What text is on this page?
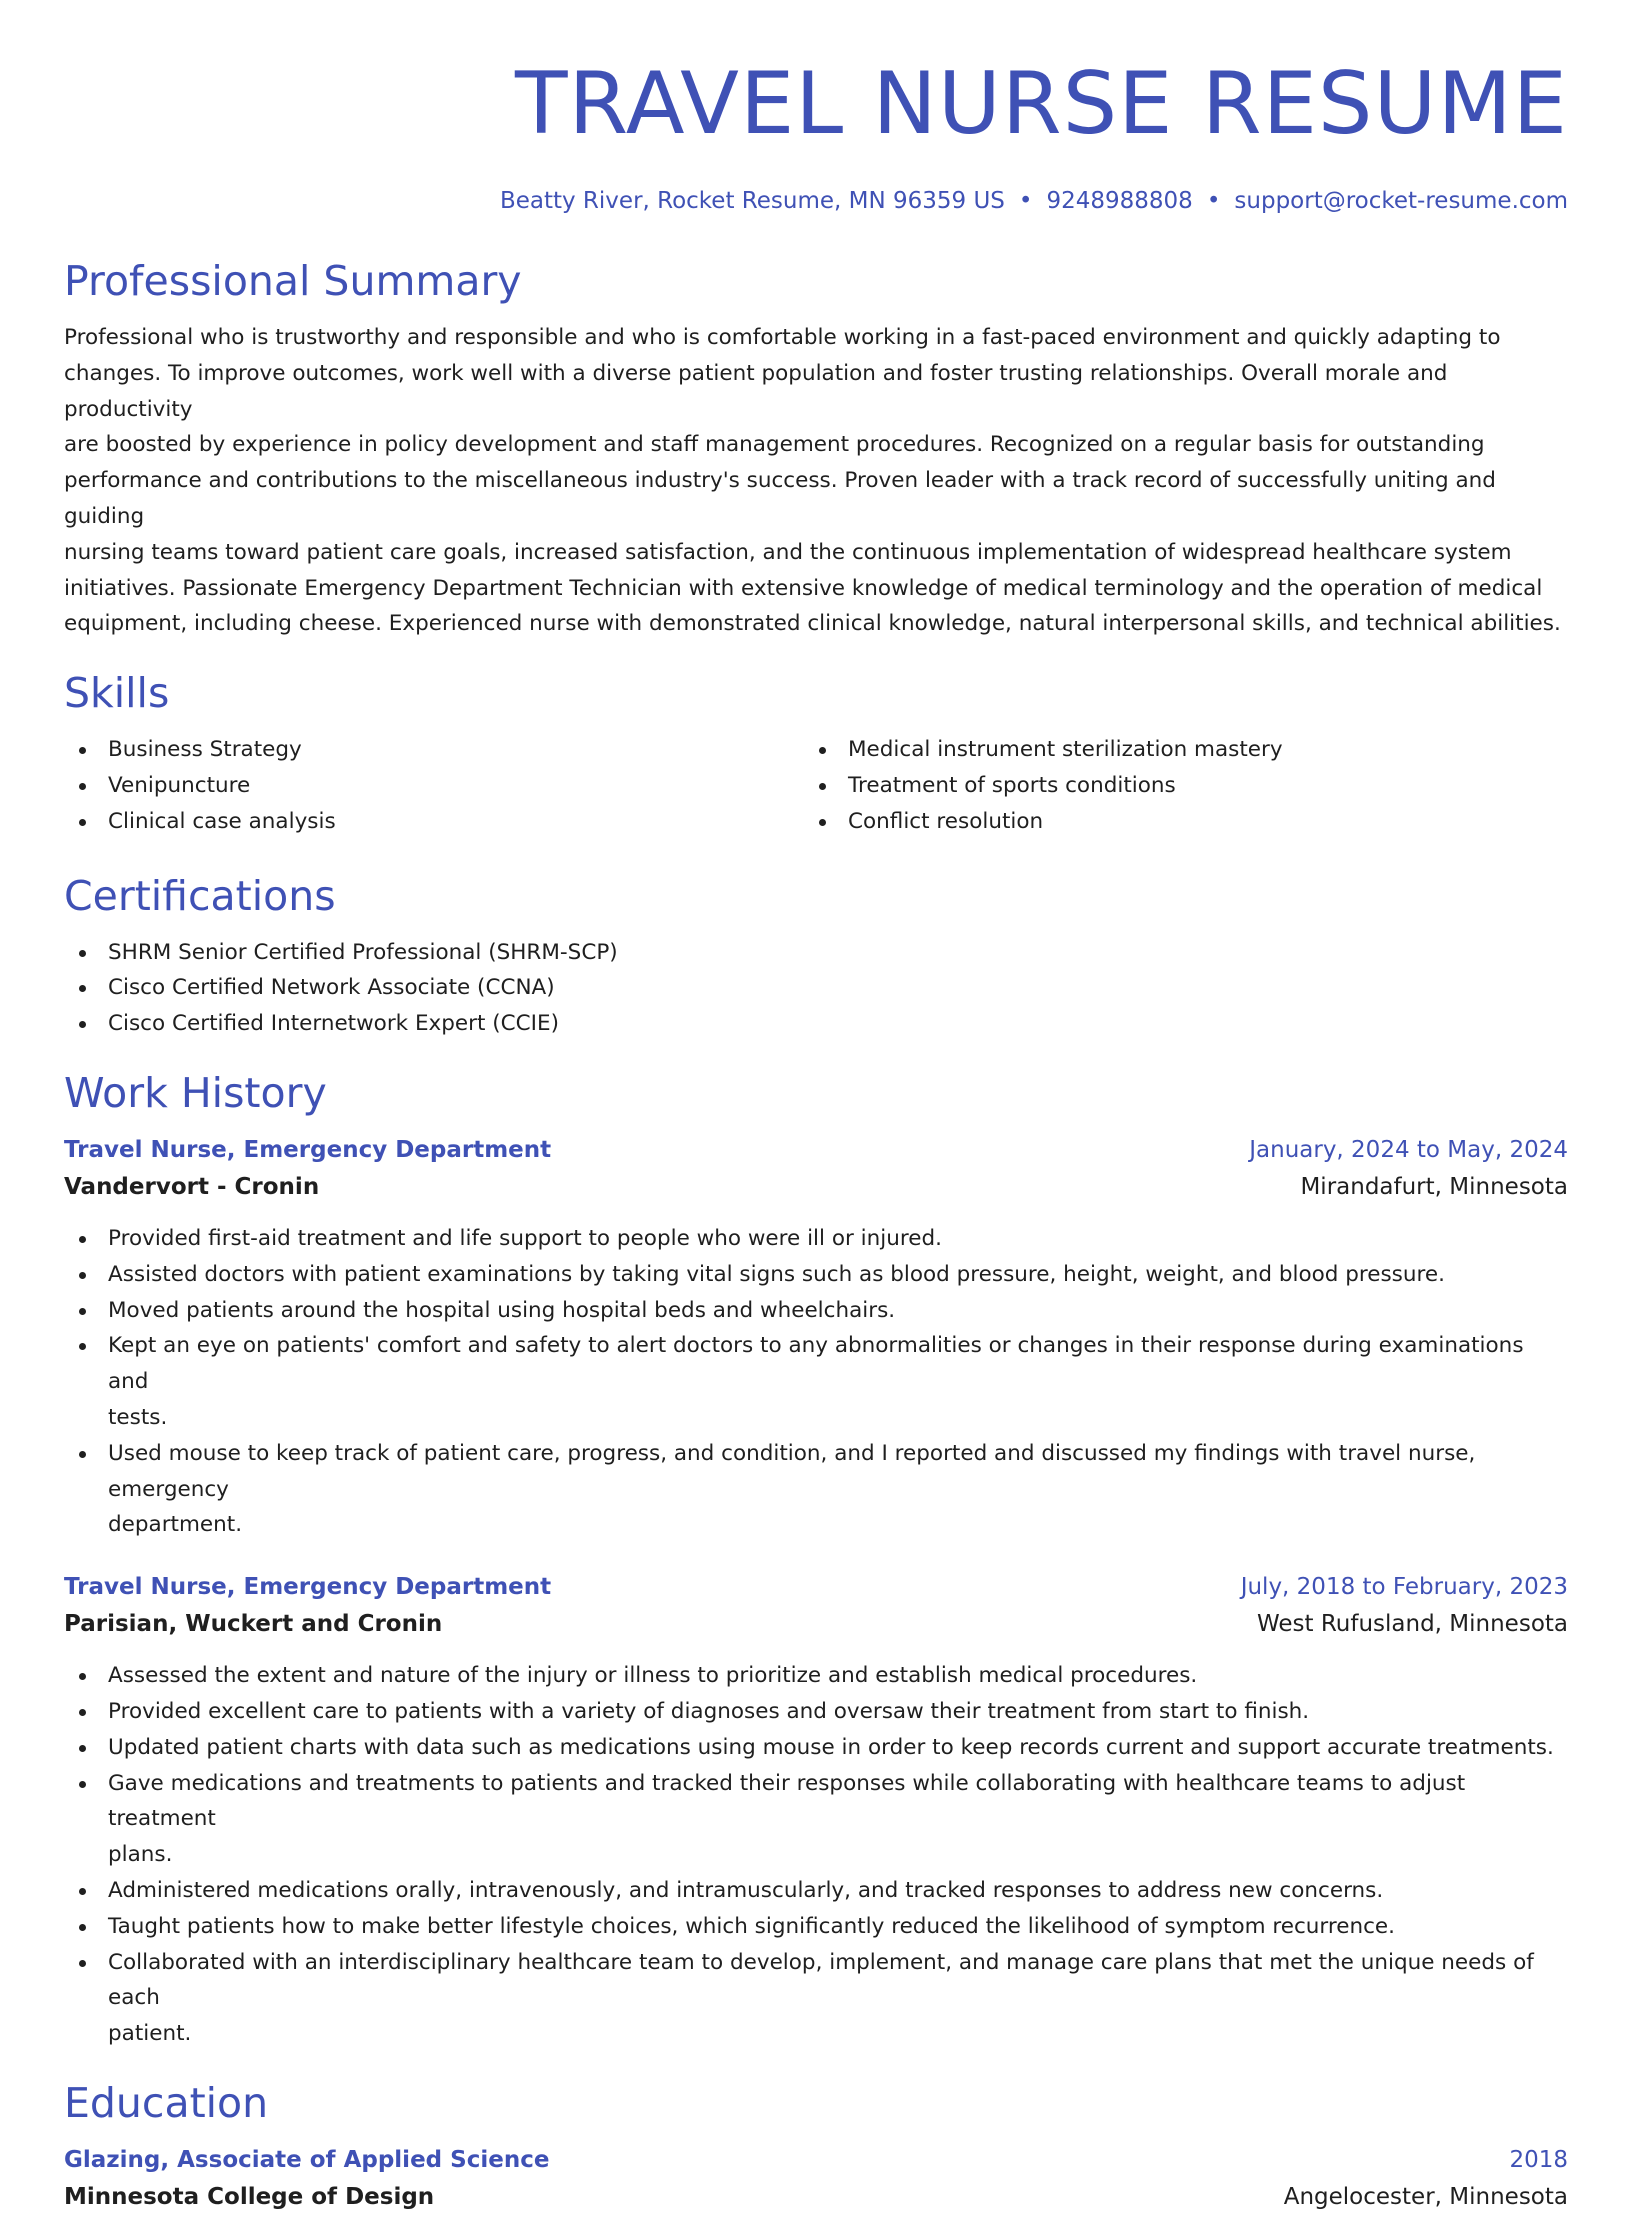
TRAVEL NURSE RESUME
Beatty River, Rocket Resume, MN 96359 US • 9248988808 • support@rocket-resume.com
Professional Summary
Professional who is trustworthy and responsible and who is comfortable working in a fast-paced environment and quickly adapting to
changes. To improve outcomes, work well with a diverse patient population and foster trusting relationships. Overall morale and productivity
are boosted by experience in policy development and staff management procedures. Recognized on a regular basis for outstanding
performance and contributions to the miscellaneous industry's success. Proven leader with a track record of successfully uniting and guiding
nursing teams toward patient care goals, increased satisfaction, and the continuous implementation of widespread healthcare system
initiatives. Passionate Emergency Department Technician with extensive knowledge of medical terminology and the operation of medical
equipment, including cheese. Experienced nurse with demonstrated clinical knowledge, natural interpersonal skills, and technical abilities.
Skills
Business Strategy
Venipuncture
Clinical case analysis
Medical instrument sterilization mastery
Treatment of sports conditions
Conflict resolution
Certifications
SHRM Senior Certified Professional (SHRM-SCP)
Cisco Certified Network Associate (CCNA)
Cisco Certified Internetwork Expert (CCIE)
Work History
Travel Nurse, Emergency Department	January, 2024 to May, 2024
Vandervort - Cronin	Mirandafurt, Minnesota
Provided first-aid treatment and life support to people who were ill or injured.
Assisted doctors with patient examinations by taking vital signs such as blood pressure, height, weight, and blood pressure.
Moved patients around the hospital using hospital beds and wheelchairs.
Kept an eye on patients' comfort and safety to alert doctors to any abnormalities or changes in their response during examinations and
tests.
Used mouse to keep track of patient care, progress, and condition, and I reported and discussed my findings with travel nurse, emergency
department.
Travel Nurse, Emergency Department	July, 2018 to February, 2023
Parisian, Wuckert and Cronin	West Rufusland, Minnesota
Assessed the extent and nature of the injury or illness to prioritize and establish medical procedures.
Provided excellent care to patients with a variety of diagnoses and oversaw their treatment from start to finish.
Updated patient charts with data such as medications using mouse in order to keep records current and support accurate treatments.
Gave medications and treatments to patients and tracked their responses while collaborating with healthcare teams to adjust treatment
plans.
Administered medications orally, intravenously, and intramuscularly, and tracked responses to address new concerns.
Taught patients how to make better lifestyle choices, which significantly reduced the likelihood of symptom recurrence.
Collaborated with an interdisciplinary healthcare team to develop, implement, and manage care plans that met the unique needs of each
patient.
Education
Glazing, Associate of Applied Science	2018
Minnesota College of Design	Angelocester, Minnesota
